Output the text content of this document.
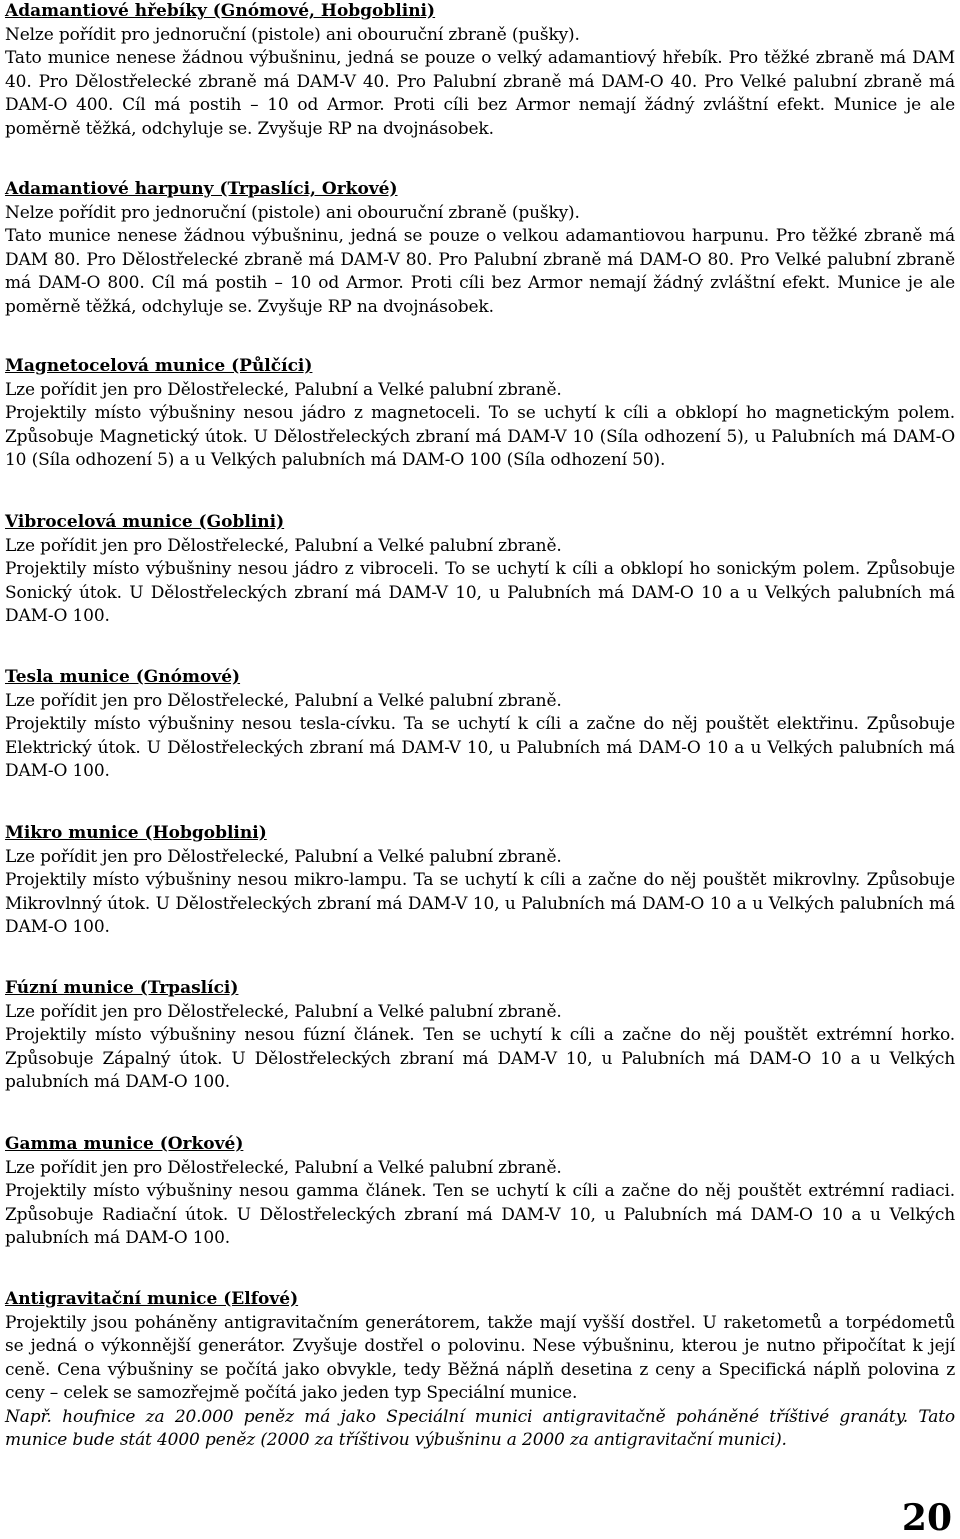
Adamantiové hřebíky (Gnómové, Hobgoblini)

Nelze pořídit pro jednoruční (pistole) ani obouruční zbraně (pušky).

Tato munice nenese žádnou výbušninu, jedná se pouze o velký adamantiový hřebík. Pro těžké zbraně má DAM 40. Pro Dělostřelecké zbraně má DAM-V 40. Pro Palubní zbraně má DAM-O 40. Pro Velké palubní zbraně má DAM-O 400. Cíl má postih – 10 od Armor. Proti cíli bez Armor nemají žádný zvláštní efekt. Munice je ale poměrně těžká, odchyluje se. Zvyšuje RP na dvojnásobek.

Adamantiové harpuny (Trpaslíci, Orkové)

Nelze pořídit pro jednoruční (pistole) ani obouruční zbraně (pušky).

Tato munice nenese žádnou výbušninu, jedná se pouze o velkou adamantiovou harpunu. Pro těžké zbraně má DAM 80. Pro Dělostřelecké zbraně má DAM-V 80. Pro Palubní zbraně má DAM-O 80. Pro Velké palubní zbraně má DAM-O 800. Cíl má postih – 10 od Armor. Proti cíli bez Armor nemají žádný zvláštní efekt. Munice je ale poměrně těžká, odchyluje se. Zvyšuje RP na dvojnásobek.

Magnetocelová munice (Půlčíci)

Lze pořídit jen pro Dělostřelecké, Palubní a Velké palubní zbraně.

Projektily místo výbušniny nesou jádro z magnetoceli. To se uchytí k cíli a obklopí ho magnetickým polem. Způsobuje Magnetický útok. U Dělostřeleckých zbraní má DAM-V 10 (Síla odhození 5), u Palubních má DAM-O 10 (Síla odhození 5) a u Velkých palubních má DAM-O 100 (Síla odhození 50).

Vibrocelová munice (Goblini)

Lze pořídit jen pro Dělostřelecké, Palubní a Velké palubní zbraně.

Projektily místo výbušniny nesou jádro z vibroceli. To se uchytí k cíli a obklopí ho sonickým polem. Způsobuje Sonický útok. U Dělostřeleckých zbraní má DAM-V 10, u Palubních má DAM-O 10 a u Velkých palubních má DAM-O 100.

Tesla munice (Gnómové)

Lze pořídit jen pro Dělostřelecké, Palubní a Velké palubní zbraně.

Projektily místo výbušniny nesou tesla-cívku. Ta se uchytí k cíli a začne do něj pouštět elektřinu. Způsobuje Elektrický útok. U Dělostřeleckých zbraní má DAM-V 10, u Palubních má DAM-O 10 a u Velkých palubních má DAM-O 100.

Mikro munice (Hobgoblini)

Lze pořídit jen pro Dělostřelecké, Palubní a Velké palubní zbraně.

Projektily místo výbušniny nesou mikro-lampu. Ta se uchytí k cíli a začne do něj pouštět mikrovlny. Způsobuje Mikrovlnný útok. U Dělostřeleckých zbraní má DAM-V 10, u Palubních má DAM-O 10 a u Velkých palubních má DAM-O 100.

Fúzní munice (Trpaslíci)

Lze pořídit jen pro Dělostřelecké, Palubní a Velké palubní zbraně.

Projektily místo výbušniny nesou fúzní článek. Ten se uchytí k cíli a začne do něj pouštět extrémní horko. Způsobuje Zápalný útok. U Dělostřeleckých zbraní má DAM-V 10, u Palubních má DAM-O 10 a u Velkých palubních má DAM-O 100.

Gamma munice (Orkové)

Lze pořídit jen pro Dělostřelecké, Palubní a Velké palubní zbraně.

Projektily místo výbušniny nesou gamma článek. Ten se uchytí k cíli a začne do něj pouštět extrémní radiaci. Způsobuje Radiační útok. U Dělostřeleckých zbraní má DAM-V 10, u Palubních má DAM-O 10 a u Velkých palubních má DAM-O 100.

Antigravitační munice (Elfové)

Projektily jsou poháněny antigravitačním generátorem, takže mají vyšší dostřel. U raketometů a torpédometů se jedná o výkonnější generátor. Zvyšuje dostřel o polovinu. Nese výbušninu, kterou je nutno připočítat k její ceně. Cena výbušniny se počítá jako obvykle, tedy Běžná náplň desetina z ceny a Specifická náplň polovina z ceny – celek se samozřejmě počítá jako jeden typ Speciální munice.

Např. houfnice za 20.000 peněz má jako Speciální munici antigravitačně poháněné tříštivé granáty. Tato munice bude stát 4000 peněz (2000 za tříštivou výbušninu a 2000 za antigravitační munici).

20
